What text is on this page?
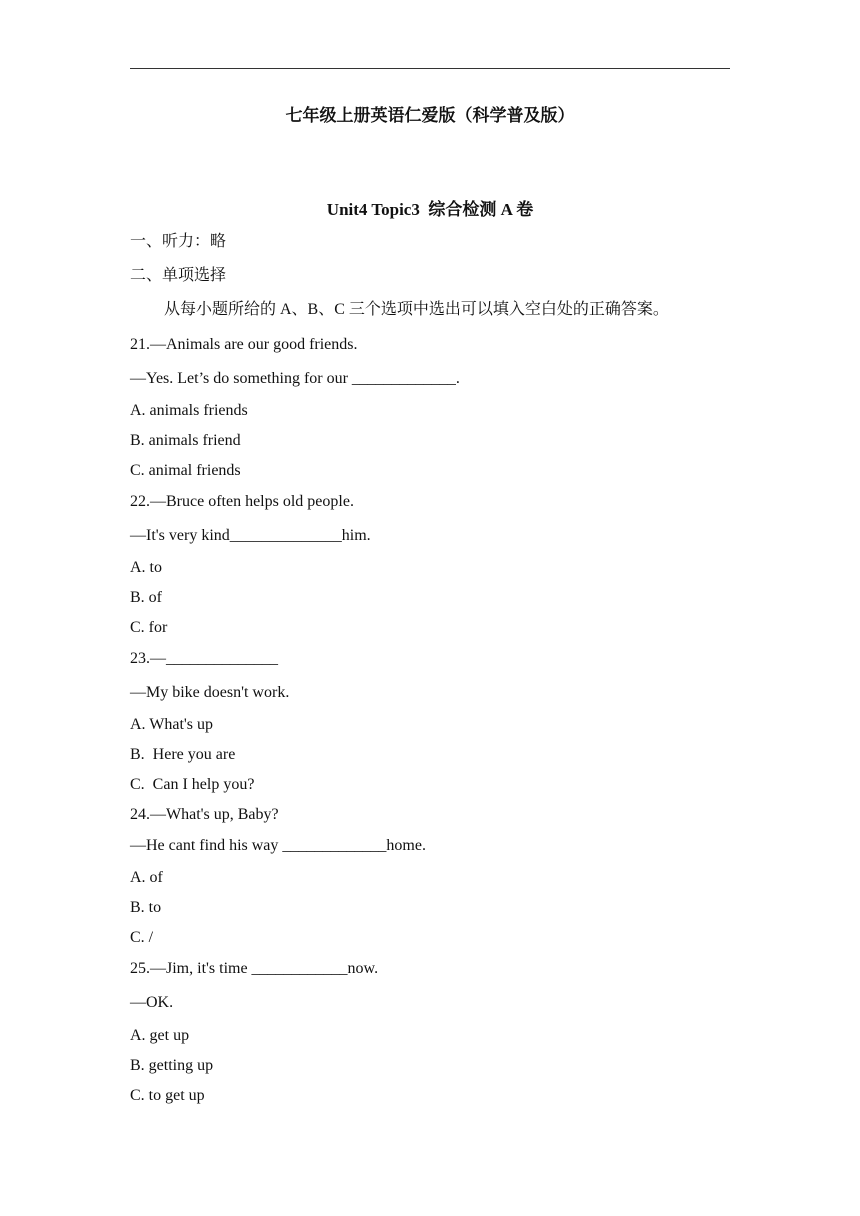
七年级上册英语仁爱版（科学普及版）
Unit4 Topic3  综合检测 A 卷
一、听力：略
二、单项选择
从每小题所给的 A、B、C 三个选项中选出可以填入空白处的正确答案。
21.—Animals are our good friends.
—Yes. Let’s do something for our _____________.
A. animals friends
B. animals friend
C. animal friends
22.—Bruce often helps old people.
—It's very kind______________him.
A. to
B. of
C. for
23.—______________
—My bike doesn't work.
A. What's up
B.  Here you are
C.  Can I help you?
24.—What's up, Baby?
—He cant find his way _____________home.
A. of
B. to
C. /
25.—Jim, it's time ____________now.
—OK.
A. get up
B. getting up
C. to get up
